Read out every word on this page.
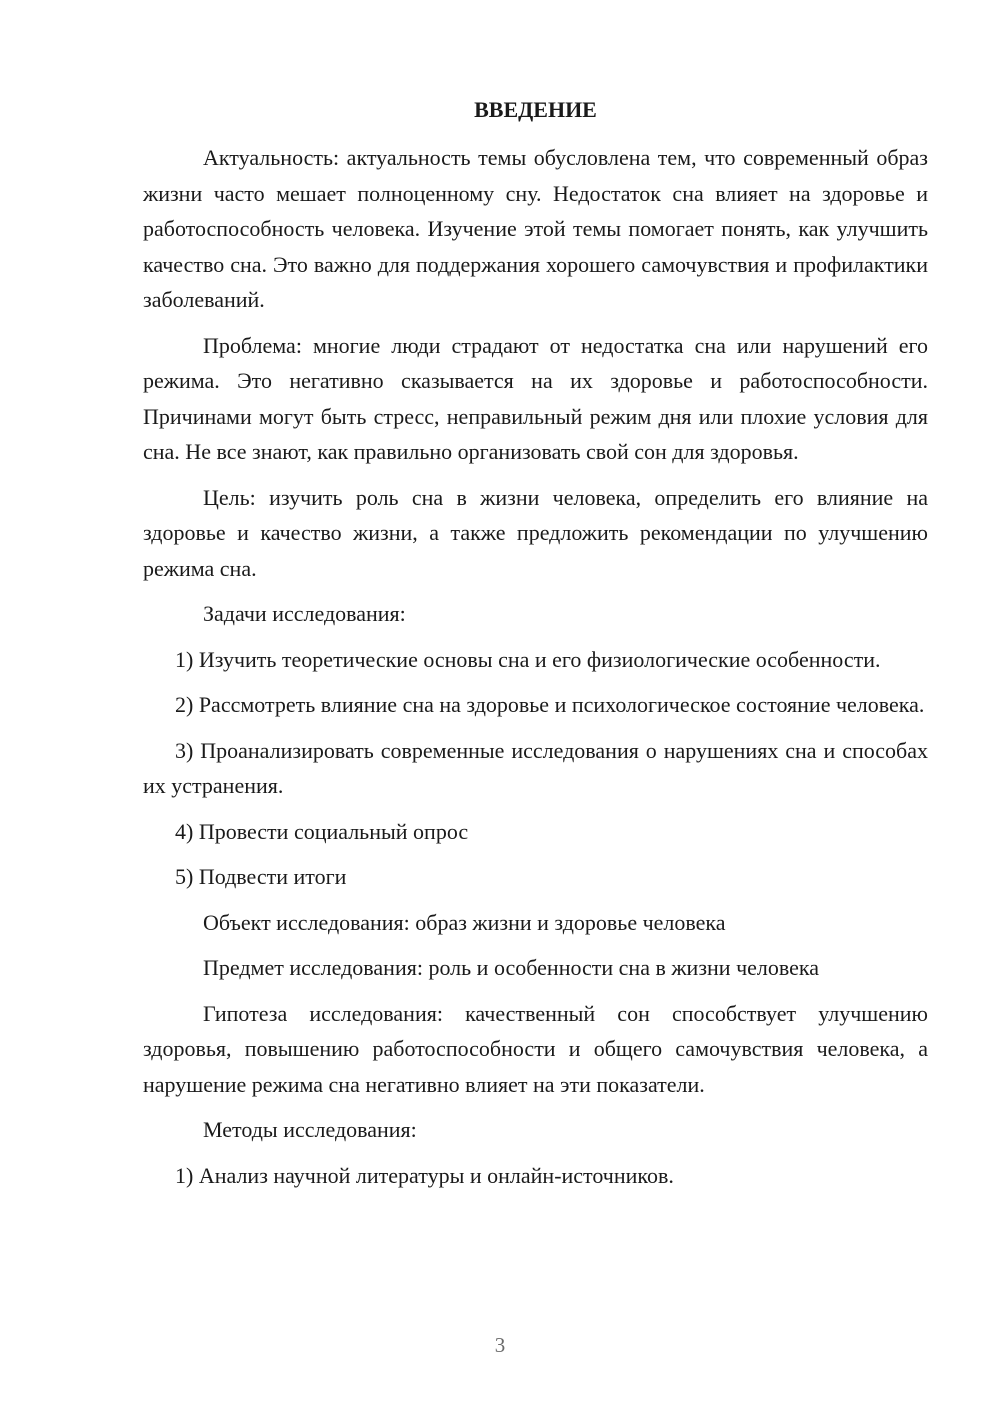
ВВЕДЕНИЕ

Актуальность: актуальность темы обусловлена тем, что современный образ жизни часто мешает полноценному сну. Недостаток сна влияет на здоровье и работоспособность человека. Изучение этой темы помогает понять, как улучшить качество сна. Это важно для поддержания хорошего самочувствия и профилактики заболеваний.

Проблема: многие люди страдают от недостатка сна или нарушений его режима. Это негативно сказывается на их здоровье и работоспособности. Причинами могут быть стресс, неправильный режим дня или плохие условия для сна. Не все знают, как правильно организовать свой сон для здоровья.

Цель: изучить роль сна в жизни человека, определить его влияние на здоровье и качество жизни, а также предложить рекомендации по улучшению режима сна.

Задачи исследования:

1) Изучить теоретические основы сна и его физиологические особенности.

2) Рассмотреть влияние сна на здоровье и психологическое состояние человека.

3) Проанализировать современные исследования о нарушениях сна и способах их устранения.

4) Провести социальный опрос

5) Подвести итоги

Объект исследования: образ жизни и здоровье человека

Предмет исследования: роль и особенности сна в жизни человека

Гипотеза исследования: качественный сон способствует улучшению здоровья, повышению работоспособности и общего самочувствия человека, а нарушение режима сна негативно влияет на эти показатели.

Методы исследования:

1) Анализ научной литературы и онлайн-источников.

3
